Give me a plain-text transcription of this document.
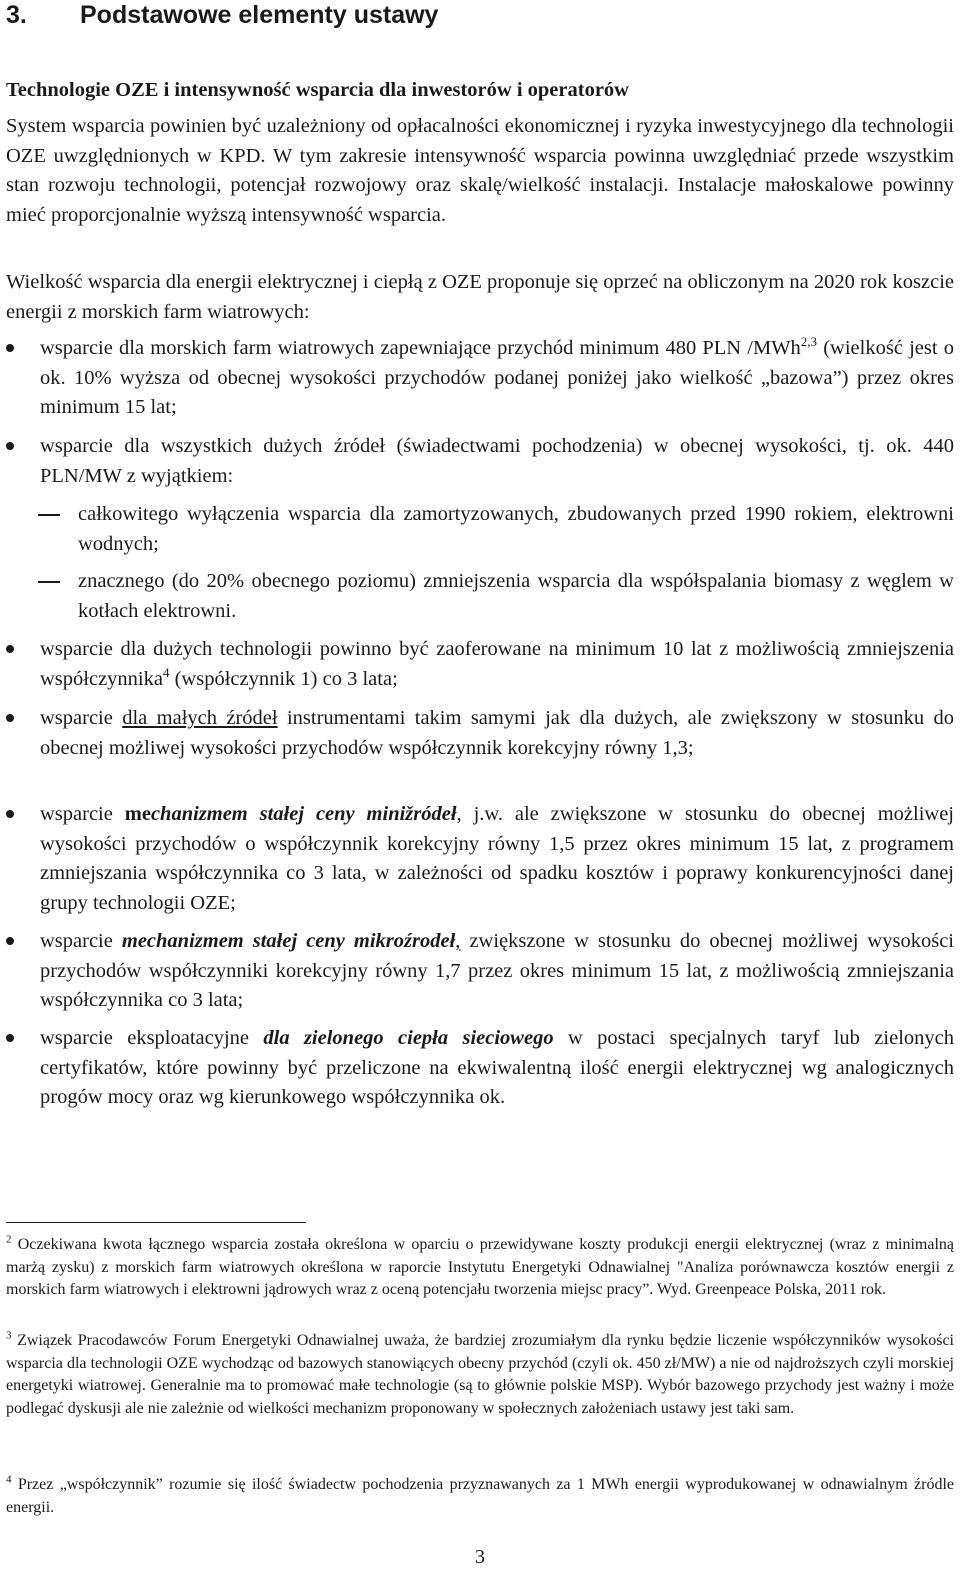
3. Podstawowe elementy ustawy
Technologie OZE i intensywność wsparcia dla inwestorów i operatorów

System wsparcia powinien być uzależniony od opłacalności ekonomicznej i ryzyka inwestycyjnego dla technologii OZE uwzględnionych w KPD. W tym zakresie intensywność wsparcia powinna uwzględniać przede wszystkim stan rozwoju technologii, potencjał rozwojowy oraz skalę/wielkość instalacji. Instalacje małoskalowe powinny mieć proporcjonalnie wyższą intensywność wsparcia.

Wielkość wsparcia dla energii elektrycznej i ciepłą z OZE proponuje się oprzeć na obliczonym na 2020 rok koszcie energii z morskich farm wiatrowych:

wsparcie dla morskich farm wiatrowych zapewniające przychód minimum 480 PLN /MWh$^{2,3}$ (wielkość jest o ok. 10% wyższa od obecnej wysokości przychodów podanej poniżej jako wielkość „bazowa”) przez okres minimum 15 lat;

wsparcie dla wszystkich dużych źródeł (świadectwami pochodzenia) w obecnej wysokości, tj. ok. 440 PLN/MW z wyjątkiem:

całkowitego wyłączenia wsparcia dla zamortyzowanych, zbudowanych przed 1990 rokiem, elektrowni wodnych;

znacznego (do 20% obecnego poziomu) zmniejszenia wsparcia dla współspalania biomasy z węglem w kotłach elektrowni.

wsparcie dla dużych technologii powinno być zaoferowane na minimum 10 lat z możliwością zmniejszenia współczynnika$^4$ (współczynnik 1) co 3 lata;

wsparcie dla małych źródeł instrumentami takim samymi jak dla dużych, ale zwiększony w stosunku do obecnej możliwej wysokości przychodów współczynnik korekcyjny równy 1,3;

wsparcie mechanizmem stałej ceny minižródeł, j.w. ale zwiększone w stosunku do obecnej możliwej wysokości przychodów o współczynnik korekcyjny równy 1,5 przez okres minimum 15 lat, z programem zmniejszania współczynnika co 3 lata, w zależności od spadku kosztów i poprawy konkurencyjności danej grupy technologii OZE;

wsparcie mechanizmem stałej ceny mikroźrodeł, zwiększone w stosunku do obecnej możliwej wysokości przychodów współczynniki korekcyjny równy 1,7 przez okres minimum 15 lat, z możliwością zmniejszania współczynnika co 3 lata;

wsparcie eksploatacyjne dla zielonego ciepła sieciowego w postaci specjalnych taryf lub zielonych certyfikatów, które powinny być przeliczone na ekwiwalentną ilość energii elektrycznej wg analogicznych progów mocy oraz wg kierunkowego współczynnika ok.

$^2$ Oczekiwana kwota łącznego wsparcia została określona w oparciu o przewidywane koszty produkcji energii elektrycznej (wraz z minimalną marżą zysku) z morskich farm wiatrowych określona w raporcie Instytutu Energetyki Odnawialnej "Analiza porównawcza kosztów energii z morskich farm wiatrowych i elektrowni jądrowych wraz z oceną potencjału tworzenia miejsc pracy”. Wyd. Greenpeace Polska, 2011 rok.

$^3$ Związek Pracodawców Forum Energetyki Odnawialnej uważa, że bardziej zrozumiałym dla rynku będzie liczenie współczynników wysokości wsparcia dla technologii OZE wychodząc od bazowych stanowiących obecny przychód (czyli ok. 450 zł/MW) a nie od najdroższych czyli morskiej energetyki wiatrowej. Generalnie ma to promować małe technologie (są to głównie polskie MSP). Wybór bazowego przychody jest ważny i może podlegać dyskusji ale nie zależnie od wielkości mechanizm proponowany w społecznych założeniach ustawy jest taki sam.

$^4$ Przez „współczynnik” rozumie się ilość świadectw pochodzenia przyznawanych za 1 MWh energii wyprodukowanej w odnawialnym źródle energii.

3
